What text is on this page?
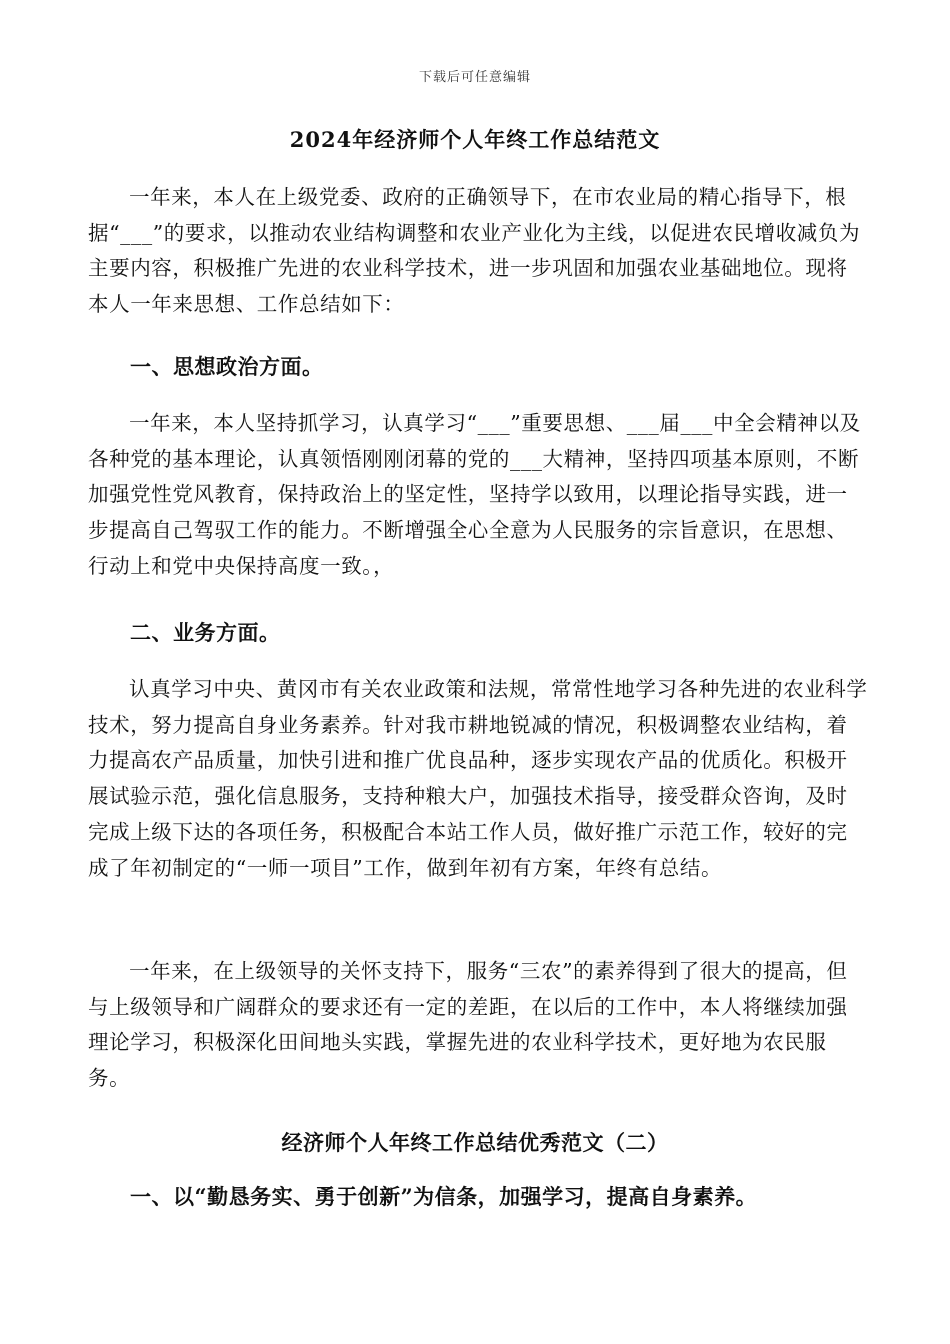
下载后可任意编辑
2024年经济师个人年终工作总结范文

一年来，本人在上级党委、政府的正确领导下，在市农业局的精心指导下，根据“___”的要求，以推动农业结构调整和农业产业化为主线，以促进农民增收减负为主要内容，积极推广先进的农业科学技术，进一步巩固和加强农业基础地位。现将本人一年来思想、工作总结如下：

一、思想政治方面。

一年来，本人坚持抓学习，认真学习“___”重要思想、___届___中全会精神以及各种党的基本理论，认真领悟刚刚闭幕的党的___大精神，坚持四项基本原则，不断加强党性党风教育，保持政治上的坚定性，坚持学以致用，以理论指导实践，进一步提高自己驾驭工作的能力。不断增强全心全意为人民服务的宗旨意识，在思想、行动上和党中央保持高度一致。，

二、业务方面。

认真学习中央、黄冈市有关农业政策和法规，常常性地学习各种先进的农业科学技术，努力提高自身业务素养。针对我市耕地锐减的情况，积极调整农业结构，着力提高农产品质量，加快引进和推广优良品种，逐步实现农产品的优质化。积极开展试验示范，强化信息服务，支持种粮大户，加强技术指导，接受群众咨询，及时完成上级下达的各项任务，积极配合本站工作人员，做好推广示范工作，较好的完成了年初制定的“一师一项目”工作，做到年初有方案，年终有总结。

一年来，在上级领导的关怀支持下，服务“三农”的素养得到了很大的提高，但与上级领导和广阔群众的要求还有一定的差距，在以后的工作中，本人将继续加强理论学习，积极深化田间地头实践，掌握先进的农业科学技术，更好地为农民服务。

经济师个人年终工作总结优秀范文（二）

一、以“勤恳务实、勇于创新”为信条，加强学习，提高自身素养。
